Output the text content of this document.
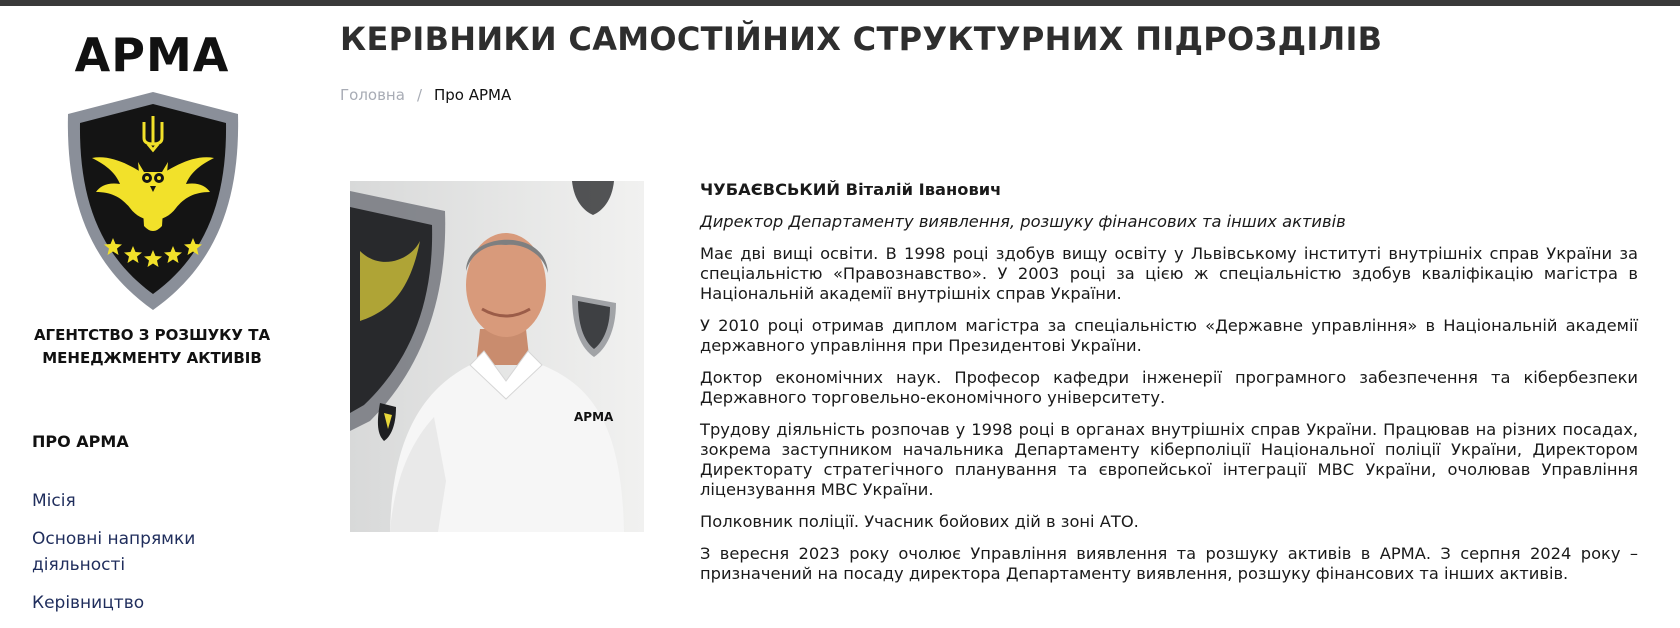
АРМА
АГЕНТСТВО З РОЗШУКУ ТА МЕНЕДЖМЕНТУ АКТИВІВ
ПРО АРМА
Місія
Основні напрямки діяльності
Керівництво
КЕРІВНИКИ САМОСТІЙНИХ СТРУКТУРНИХ ПІДРОЗДІЛІВ
Головна / Про АРМА
АРМА

ЧУБАЄВСЬКИЙ Віталій Іванович

Директор Департаменту виявлення, розшуку фінансових та інших активів

Має дві вищі освіти. В 1998 році здобув вищу освіту у Львівському інституті внутрішніх справ України за спеціальністю «Правознавство». У 2003 році за цією ж спеціальністю здобув кваліфікацію магістра в Національній академії внутрішніх справ України.

У 2010 році отримав диплом магістра за спеціальністю «Державне управління» в Національній академії державного управління при Президентові України.

Доктор економічних наук. Професор кафедри інженерії програмного забезпечення та кібербезпеки Державного торговельно-економічного університету.

Трудову діяльність розпочав у 1998 році в органах внутрішніх справ України. Працював на різних посадах, зокрема заступником начальника Департаменту кіберполіції Національної поліції України, Директором Директорату стратегічного планування та європейської інтеграції МВС України, очолював Управління ліцензування МВС України.

Полковник поліції. Учасник бойових дій в зоні АТО.

З вересня 2023 року очолює Управління виявлення та розшуку активів в АРМА. З серпня 2024 року – призначений на посаду директора Департаменту виявлення, розшуку фінансових та інших активів.
